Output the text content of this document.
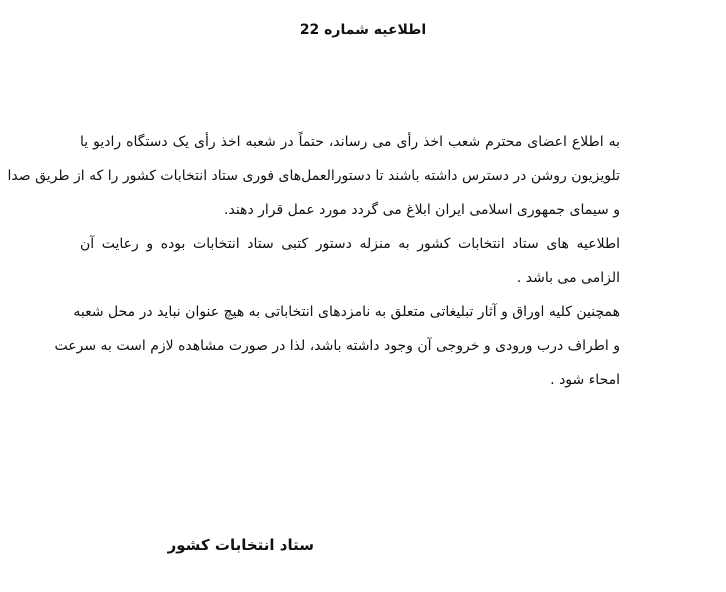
اطلاعیه شماره 22
به اطلاع اعضای محترم شعب اخذ رأی می رساند، حتماً در شعبه اخذ رأی یک دستگاه رادیو یا
تلویزیون روشن در دسترس داشته باشند تا دستورالعمل‌های فوری ستاد انتخابات کشور را که از طریق صدا
و سیمای جمهوری اسلامی ایران ابلاغ می گردد مورد عمل قرار دهند.
اطلاعیه های ستاد انتخابات کشور به منزله دستور کتبی ستاد انتخابات بوده و رعایت آن
الزامی می باشد .
همچنین کلیه اوراق و آثار تبلیغاتی متعلق به نامزدهای انتخاباتی به هیچ عنوان نباید در محل شعبه
و اطراف درب ورودی و خروجی آن وجود داشته باشد، لذا در صورت مشاهده لازم است به سرعت
امحاء شود .
ستاد انتخابات کشور
